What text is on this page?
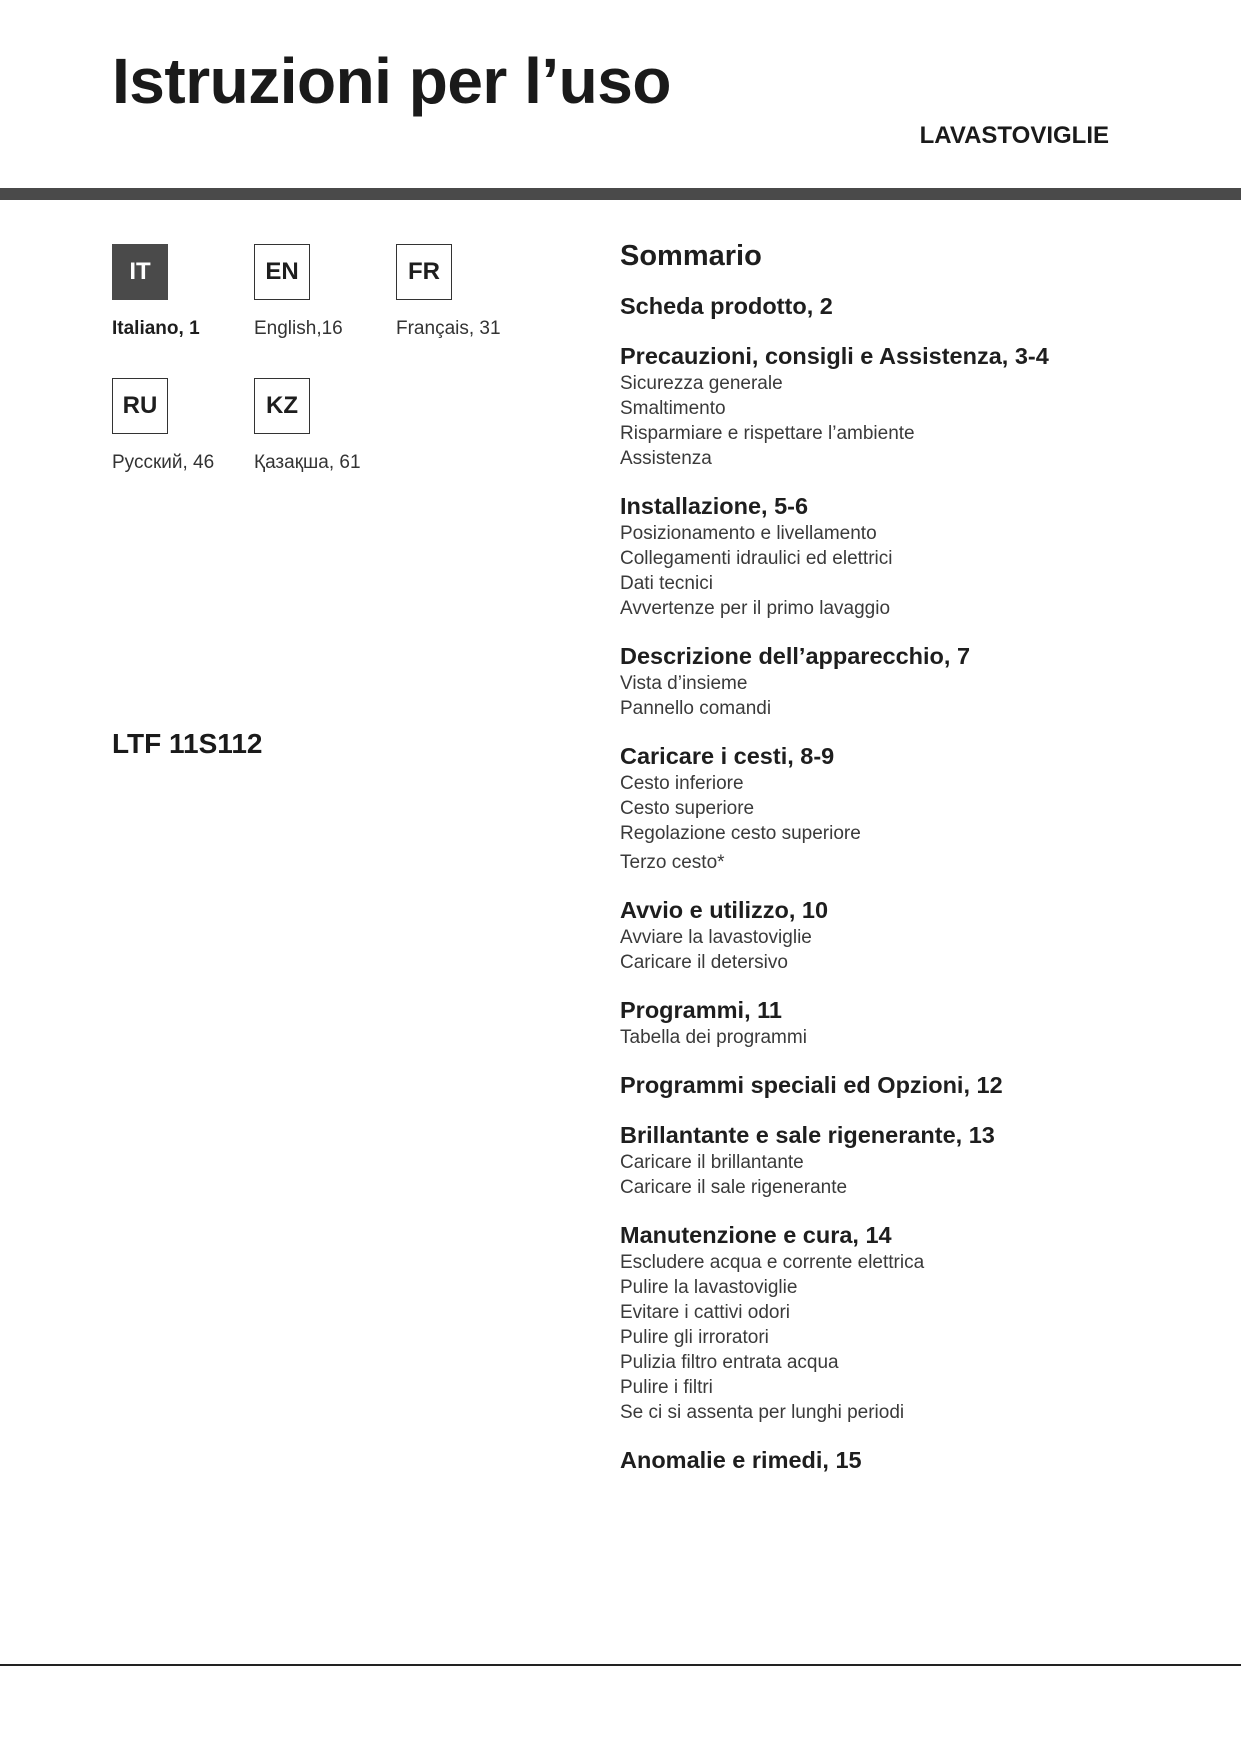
Istruzioni per l’uso
LAVASTOVIGLIE
IT
Italiano, 1
EN
English,16
FR
Français, 31
RU
Русский, 46
KZ
Қазақша, 61
LTF 11S112
Sommario
Scheda prodotto, 2
Precauzioni, consigli e Assistenza, 3-4
Sicurezza generale
Smaltimento
Risparmiare e rispettare l’ambiente
Assistenza
Installazione, 5-6
Posizionamento e livellamento
Collegamenti idraulici ed elettrici
Dati tecnici
Avvertenze per il primo lavaggio
Descrizione dell’apparecchio, 7
Vista d’insieme
Pannello comandi
Caricare i cesti, 8-9
Cesto inferiore
Cesto superiore
Regolazione cesto superiore
Terzo cesto*
Avvio e utilizzo, 10
Avviare la lavastoviglie
Caricare il detersivo
Programmi, 11
Tabella dei programmi
Programmi speciali ed Opzioni, 12
Brillantante e sale rigenerante, 13
Caricare il brillantante
Caricare il sale rigenerante
Manutenzione e cura, 14
Escludere acqua e corrente elettrica
Pulire la lavastoviglie
Evitare i cattivi odori
Pulire gli irroratori
Pulizia filtro entrata acqua
Pulire i filtri
Se ci si assenta per lunghi periodi
Anomalie e rimedi, 15
